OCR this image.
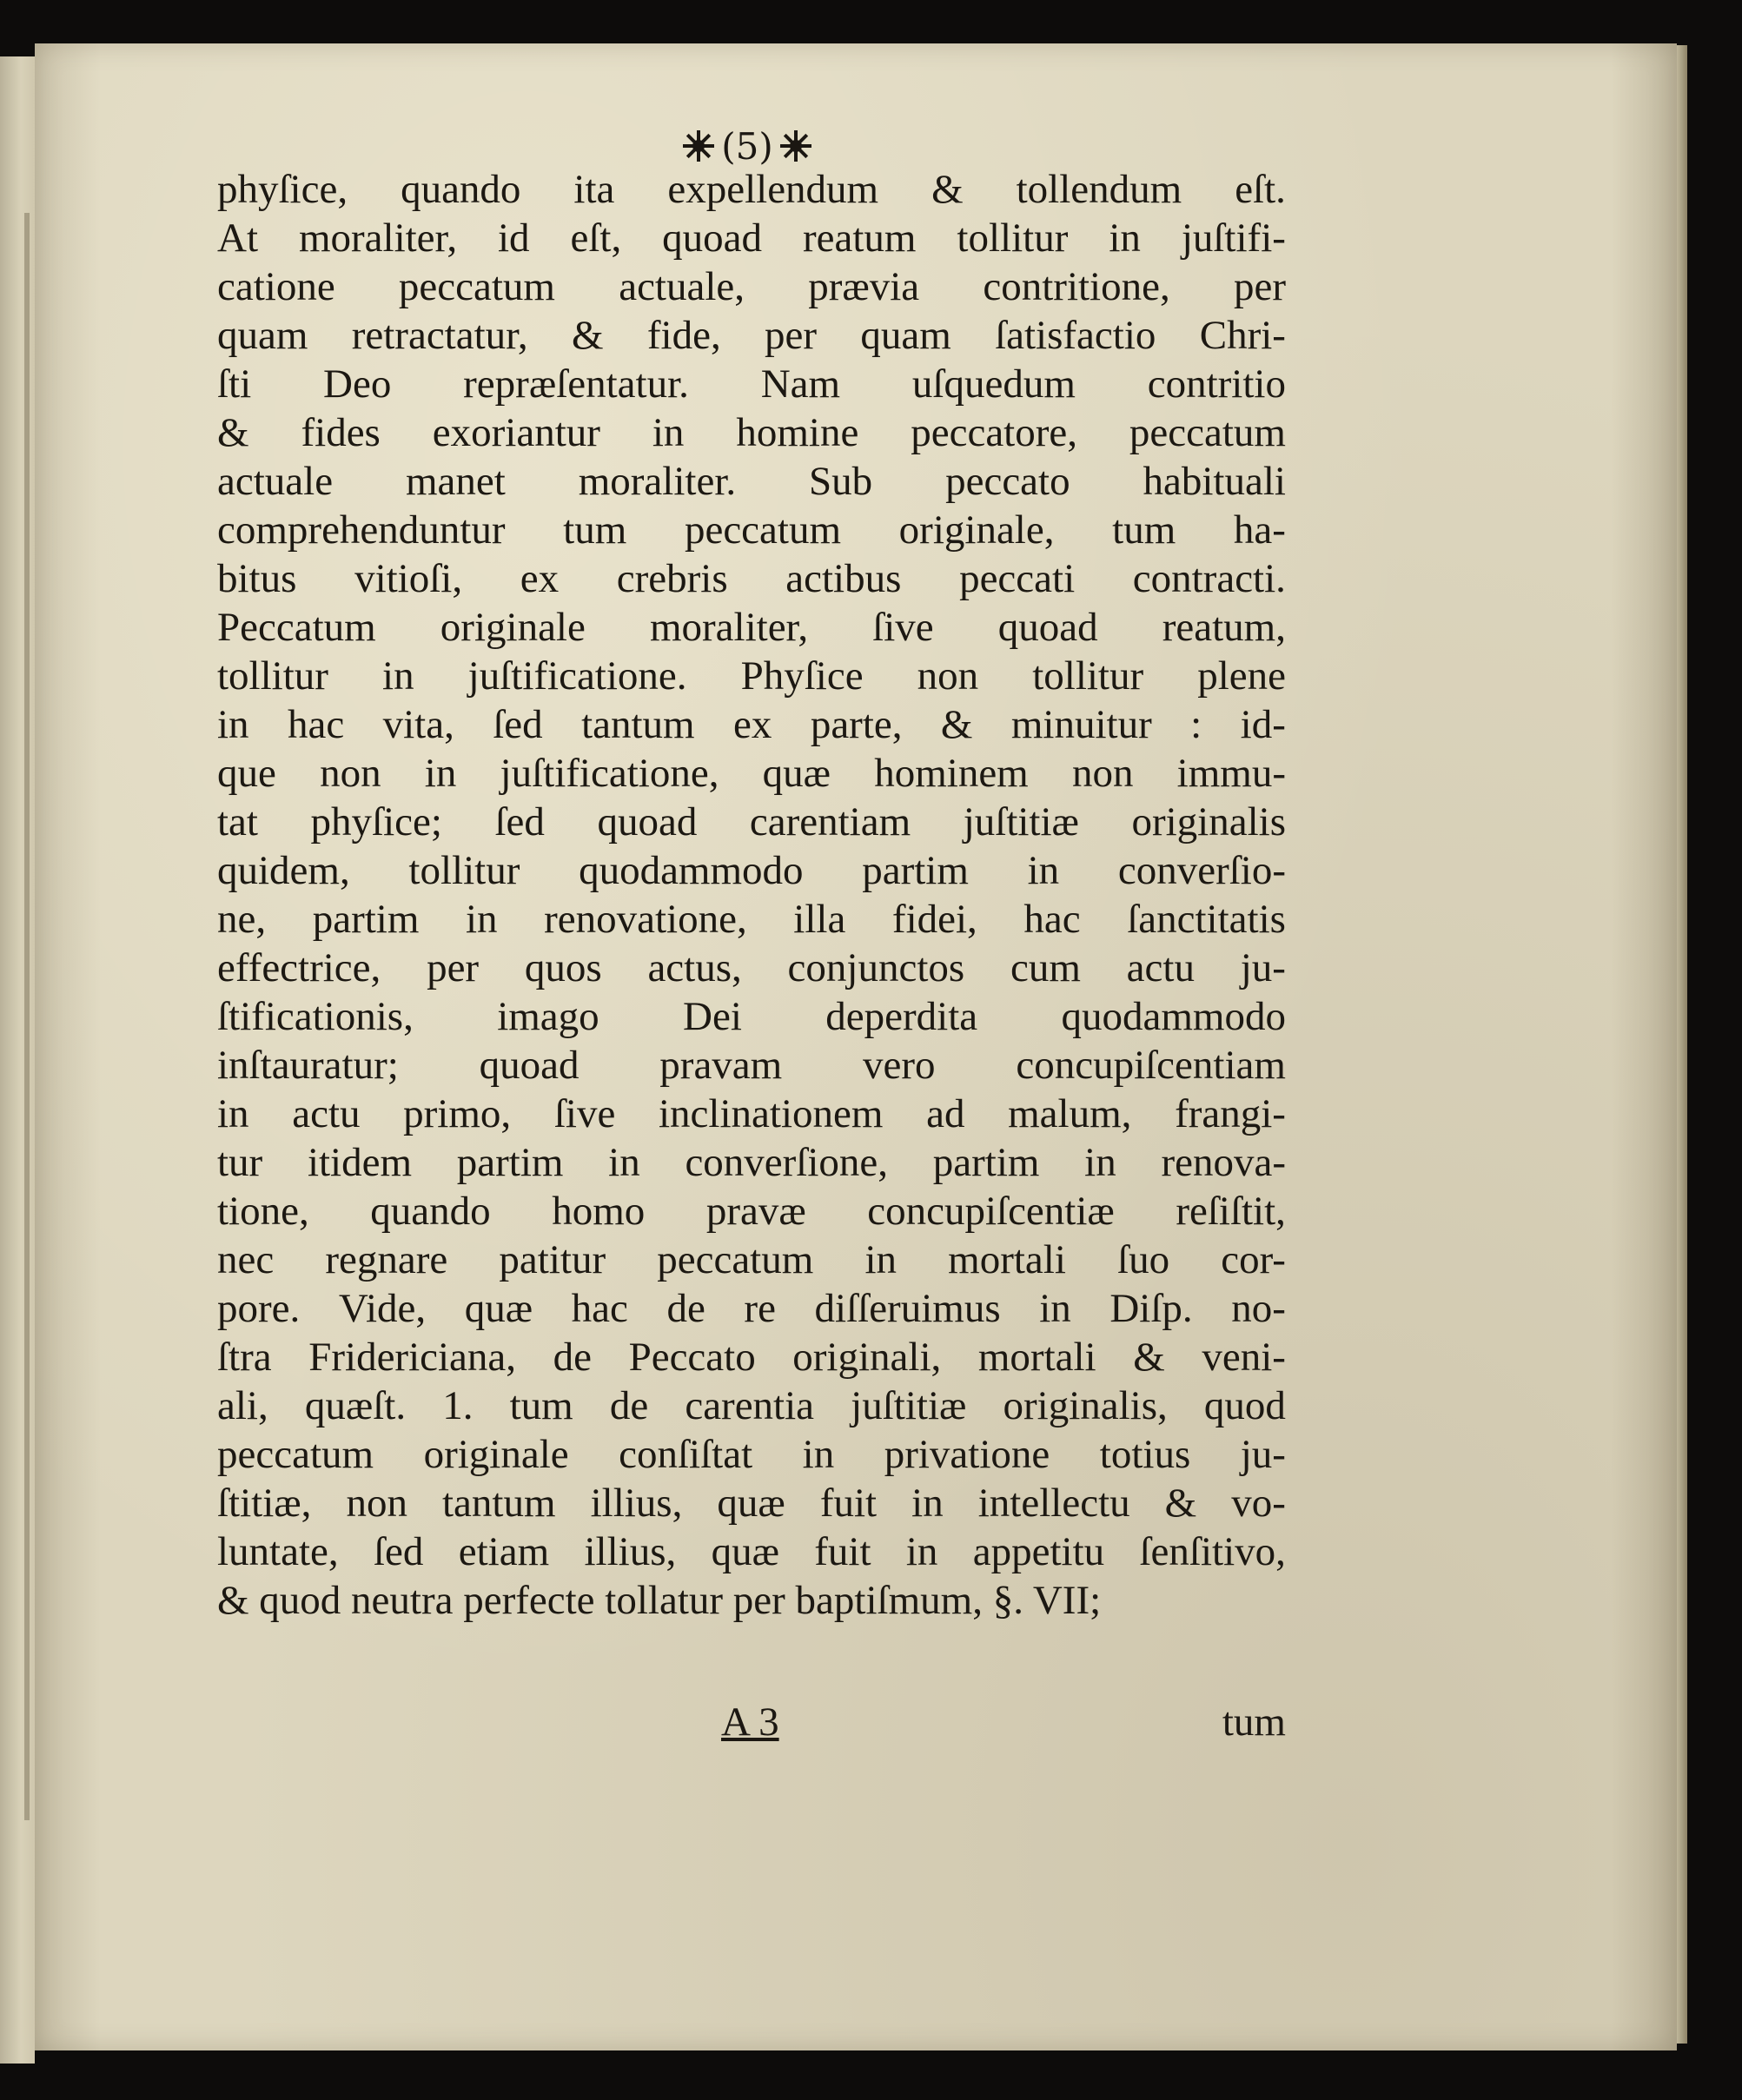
(5)
phyſice, quando ita expellendum & tollendum eſt.
At moraliter, id eſt, quoad reatum tollitur in juſtifi-
catione peccatum actuale, prævia contritione, per
quam retractatur, & fide, per quam ſatisfactio Chri-
ſti Deo repræſentatur. Nam uſquedum contritio
& fides exoriantur in homine peccatore, peccatum
actuale manet moraliter. Sub peccato habituali
comprehenduntur tum peccatum originale, tum ha-
bitus vitioſi, ex crebris actibus peccati contracti.
Peccatum originale moraliter, ſive quoad reatum,
tollitur in juſtificatione. Phyſice non tollitur plene
in hac vita, ſed tantum ex parte, & minuitur : id-
que non in juſtificatione, quæ hominem non immu-
tat phyſice; ſed quoad carentiam juſtitiæ originalis
quidem, tollitur quodammodo partim in converſio-
ne, partim in renovatione, illa fidei, hac ſanctitatis
effectrice, per quos actus, conjunctos cum actu ju-
ſtificationis, imago Dei deperdita quodammodo
inſtauratur; quoad pravam vero concupiſcentiam
in actu primo, ſive inclinationem ad malum, frangi-
tur itidem partim in converſione, partim in renova-
tione, quando homo pravæ concupiſcentiæ reſiſtit,
nec regnare patitur peccatum in mortali ſuo cor-
pore. Vide, quæ hac de re diſſeruimus in Diſp. no-
ſtra Fridericiana, de Peccato originali, mortali & veni-
ali, quæſt. 1. tum de carentia juſtitiæ originalis, quod
peccatum originale conſiſtat in privatione totius ju-
ſtitiæ, non tantum illius, quæ fuit in intellectu & vo-
luntate, ſed etiam illius, quæ fuit in appetitu ſenſitivo,
& quod neutra perfecte tollatur per baptiſmum, §. VII;
A 3	tum
